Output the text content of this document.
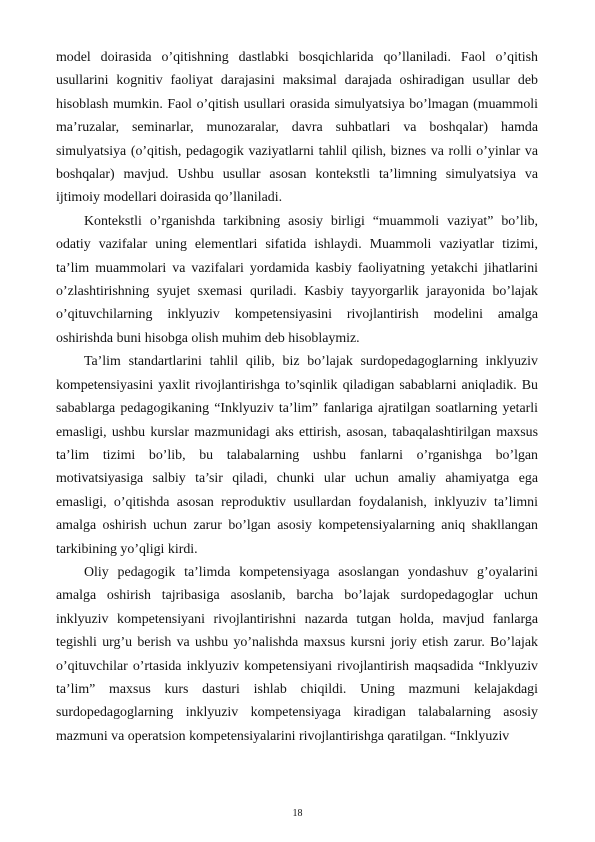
model doirasida o’qitishning dastlabki bosqichlarida qo’llaniladi. Faol o’qitish usullarini kognitiv faoliyat darajasini maksimal darajada oshiradigan usullar deb hisoblash mumkin. Faol o’qitish usullari orasida simulyatsiya bo’lmagan (muammoli ma’ruzalar, seminarlar, munozaralar, davra suhbatlari va boshqalar) hamda simulyatsiya (o’qitish, pedagogik vaziyatlarni tahlil qilish, biznes va rolli o’yinlar va boshqalar) mavjud. Ushbu usullar asosan kontekstli ta’limning simulyatsiya va ijtimoiy modellari doirasida qo’llaniladi.

Kontekstli o’rganishda tarkibning asosiy birligi “muammoli vaziyat” bo’lib, odatiy vazifalar uning elementlari sifatida ishlaydi. Muammoli vaziyatlar tizimi, ta’lim muammolari va vazifalari yordamida kasbiy faoliyatning yetakchi jihatlarini o’zlashtirishning syujet sxemasi quriladi. Kasbiy tayyorgarlik jarayonida bo’lajak o’qituvchilarning inklyuziv kompetensiyasini rivojlantirish modelini amalga oshirishda buni hisobga olish muhim deb hisoblaymiz.

Ta’lim standartlarini tahlil qilib, biz bo’lajak surdopedagoglarning inklyuziv kompetensiyasini yaxlit rivojlantirishga to’sqinlik qiladigan sabablarni aniqladik. Bu sabablarga pedagogikaning “Inklyuziv ta’lim” fanlariga ajratilgan soatlarning yetarli emasligi, ushbu kurslar mazmunidagi aks ettirish, asosan, tabaqalashtirilgan maxsus ta’lim tizimi bo’lib, bu talabalarning ushbu fanlarni o’rganishga bo’lgan motivatsiyasiga salbiy ta’sir qiladi, chunki ular uchun amaliy ahamiyatga ega emasligi, o’qitishda asosan reproduktiv usullardan foydalanish, inklyuziv ta’limni amalga oshirish uchun zarur bo’lgan asosiy kompetensiyalarning aniq shakllangan tarkibining yo’qligi kirdi.

Oliy pedagogik ta’limda kompetensiyaga asoslangan yondashuv g’oyalarini amalga oshirish tajribasiga asoslanib, barcha bo’lajak surdopedagoglar uchun inklyuziv kompetensiyani rivojlantirishni nazarda tutgan holda, mavjud fanlarga tegishli urg’u berish va ushbu yo’nalishda maxsus kursni joriy etish zarur. Bo’lajak o’qituvchilar o’rtasida inklyuziv kompetensiyani rivojlantirish maqsadida “Inklyuziv ta’lim” maxsus kurs dasturi ishlab chiqildi. Uning mazmuni kelajakdagi surdopedagoglarning inklyuziv kompetensiyaga kiradigan talabalarning asosiy mazmuni va operatsion kompetensiyalarini rivojlantirishga qaratilgan. “Inklyuziv

18
